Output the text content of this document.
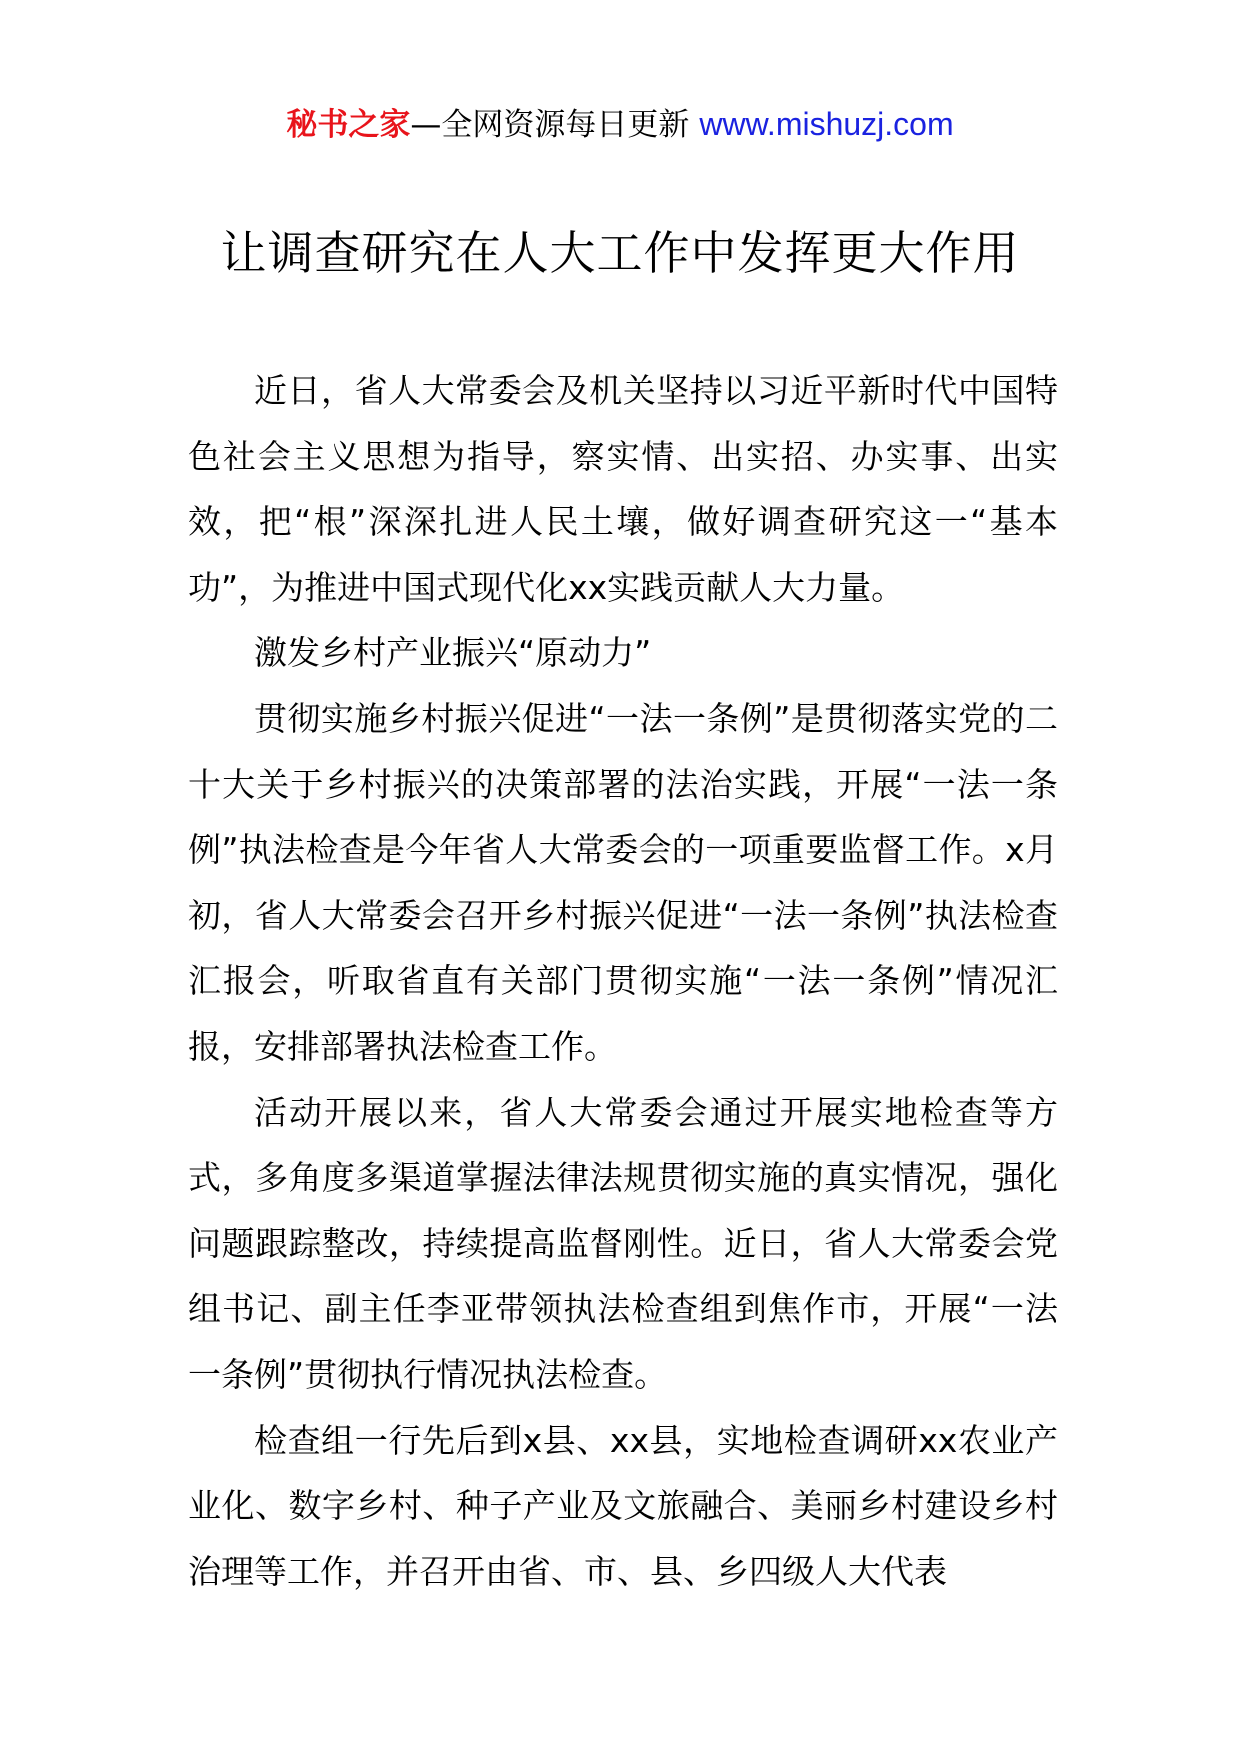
秘书之家—全网资源每日更新 www.mishuzj.com
让调查研究在人大工作中发挥更大作用

近日，省人大常委会及机关坚持以习近平新时代中国特色社会主义思想为指导，察实情、出实招、办实事、出实效，把“根”深深扎进人民土壤，做好调查研究这一“基本功”，为推进中国式现代化xx实践贡献人大力量。

激发乡村产业振兴“原动力”

贯彻实施乡村振兴促进“一法一条例”是贯彻落实党的二十大关于乡村振兴的决策部署的法治实践，开展“一法一条例”执法检查是今年省人大常委会的一项重要监督工作。x月初，省人大常委会召开乡村振兴促进“一法一条例”执法检查汇报会，听取省直有关部门贯彻实施“一法一条例”情况汇报，安排部署执法检查工作。

活动开展以来，省人大常委会通过开展实地检查等方式，多角度多渠道掌握法律法规贯彻实施的真实情况，强化问题跟踪整改，持续提高监督刚性。近日，省人大常委会党组书记、副主任李亚带领执法检查组到焦作市，开展“一法一条例”贯彻执行情况执法检查。

检查组一行先后到x县、xx县，实地检查调研xx农业产业化、数字乡村、种子产业及文旅融合、美丽乡村建设乡村治理等工作，并召开由省、市、县、乡四级人大代表
